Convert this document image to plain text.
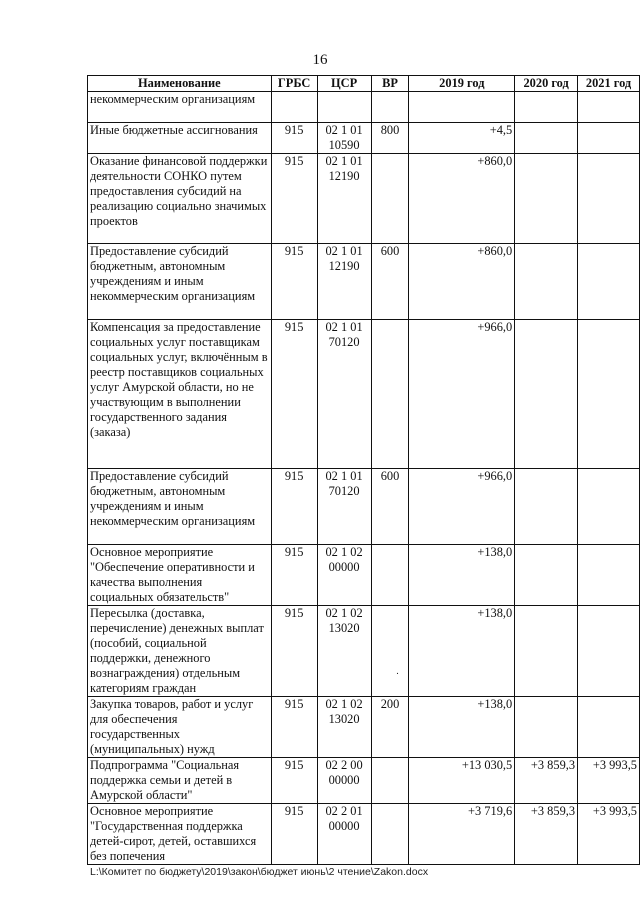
16
Наименование	ГРБС	ЦСР	ВР	2019 год	2020 год	2021 год
некоммерческим организациям						
Иные бюджетные ассигнования	915	02 1 01 10590	800	+4,5		
Оказание финансовой поддержки деятельности СОНКО путем предоставления субсидий на реализацию социально значимых проектов	915	02 1 01 12190		+860,0		
Предоставление субсидий бюджетным, автономным учреждениям и иным некоммерческим организациям	915	02 1 01 12190	600	+860,0		
Компенсация за предоставление социальных услуг поставщикам социальных услуг, включённым в реестр поставщиков социальных услуг Амурской области, но не участвующим в выполнении государственного задания (заказа)	915	02 1 01 70120		+966,0		
Предоставление субсидий бюджетным, автономным учреждениям и иным некоммерческим организациям	915	02 1 01 70120	600	+966,0		
Основное мероприятие "Обеспечение оперативности и качества выполнения социальных обязательств"	915	02 1 02 00000		+138,0		
Пересылка (доставка, перечисление) денежных выплат (пособий, социальной поддержки, денежного вознаграждения) отдельным категориям граждан	915	02 1 02 13020		+138,0		
Закупка товаров, работ и услуг для обеспечения государственных (муниципальных) нужд	915	02 1 02 13020	200	+138,0		
Подпрограмма "Социальная поддержка семьи и детей в Амурской области"	915	02 2 00 00000		+13 030,5	+3 859,3	+3 993,5
Основное мероприятие "Государственная поддержка детей-сирот, детей, оставшихся без попечения	915	02 2 01 00000		+3 719,6	+3 859,3	+3 993,5
․
L:\Комитет по бюджету\2019\закон\бюджет июнь\2 чтение\Zakon.docx
